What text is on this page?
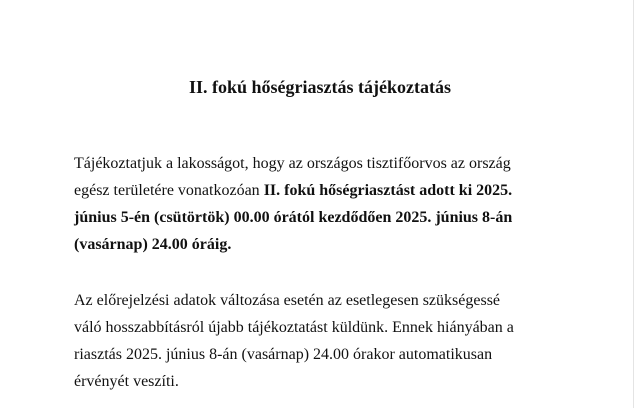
II. fokú hőségriasztás tájékoztatás

Tájékoztatjuk a lakosságot, hogy az országos tisztifőorvos az ország
egész területére vonatkozóan II. fokú hőségriasztást adott ki 2025.
június 5-én (csütörtök) 00.00 órától kezdődően 2025. június 8-án
(vasárnap) 24.00 óráig.

Az előrejelzési adatok változása esetén az esetlegesen szükségessé
váló hosszabbításról újabb tájékoztatást küldünk. Ennek hiányában a
riasztás 2025. június 8-án (vasárnap) 24.00 órakor automatikusan
érvényét veszíti.
